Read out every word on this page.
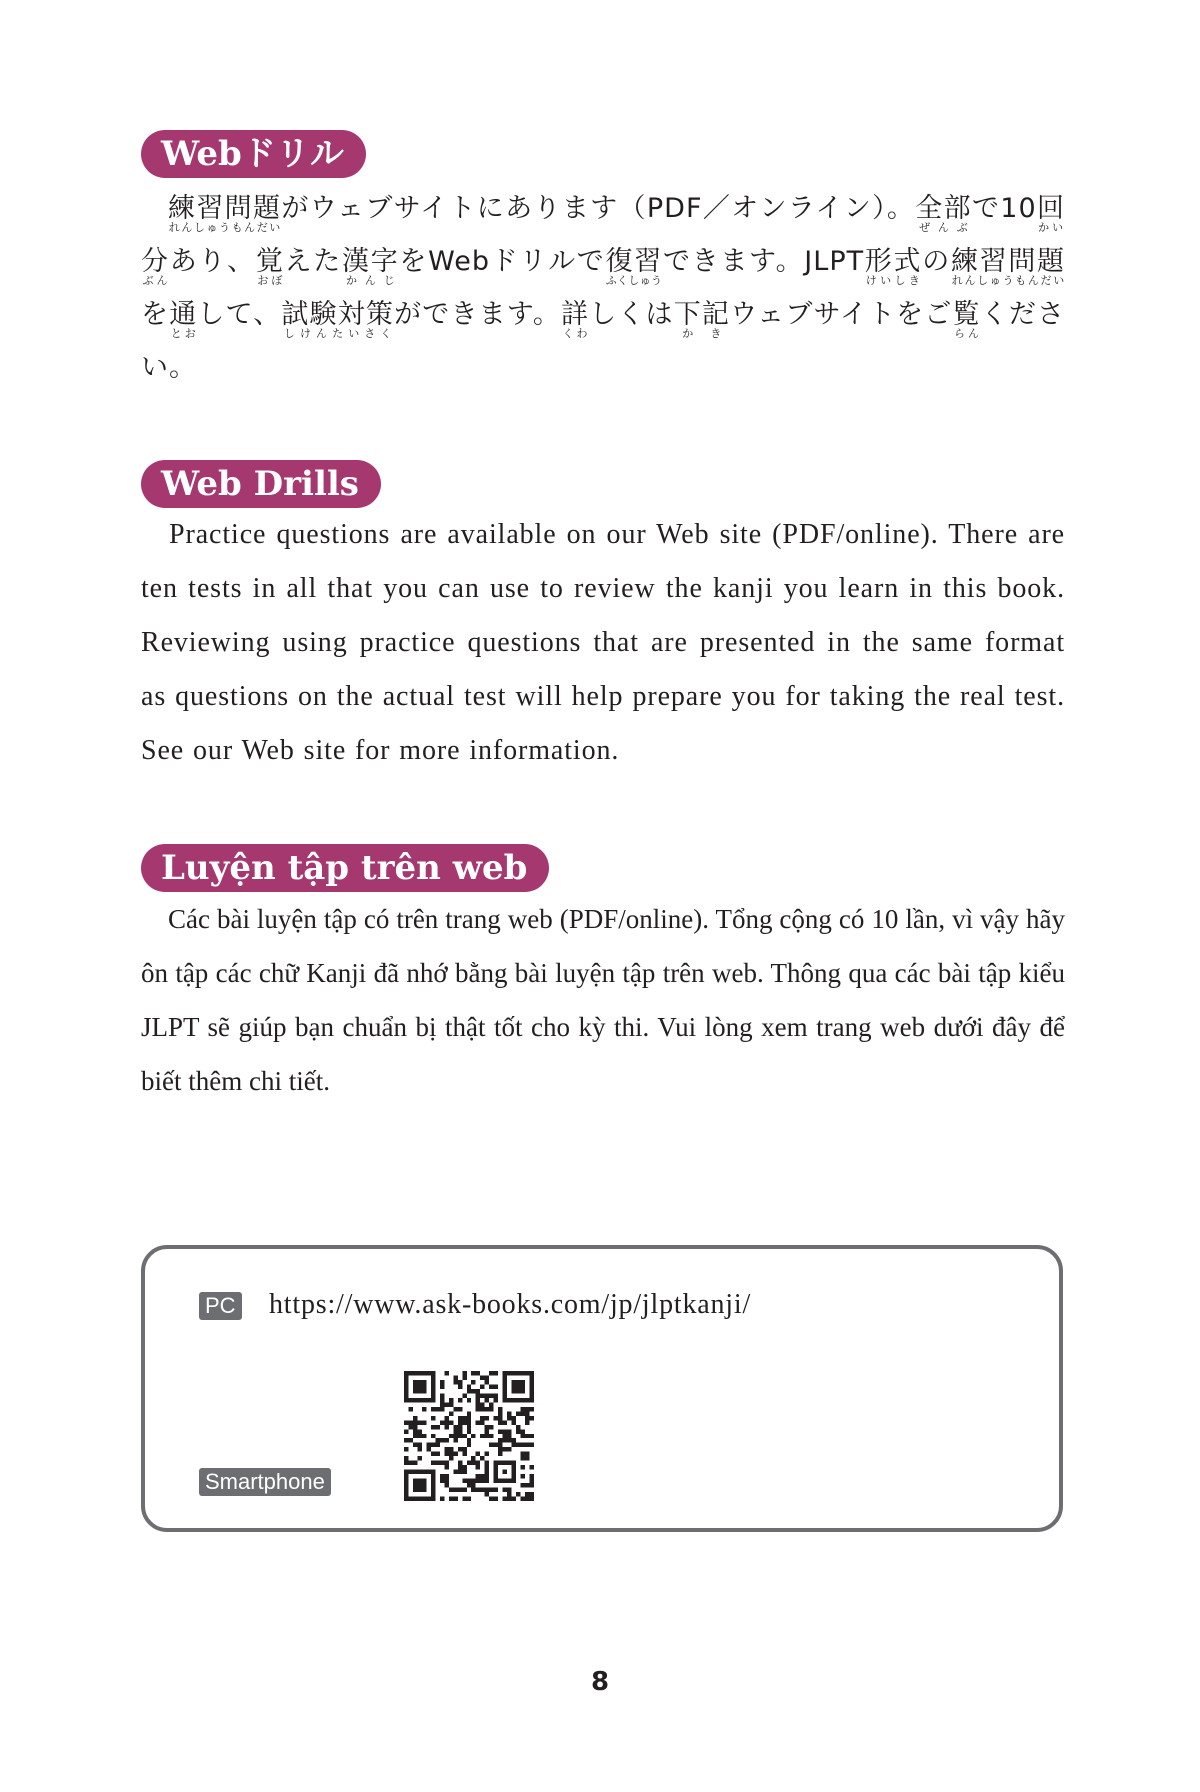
Webドリル

練習問題れんしゅうもんだいがウェブサイトにあります（PDF／オンライン）。全部ぜんぶで10回かい分ぶんあり、覚おぼえた漢字かんじをWebドリルで復習ふくしゅうできます。JLPT形式けいしきの練習問題れんしゅうもんだいを通とおして、試験対策しけんたいさくができます。詳くわしくは下記かきウェブサイトをご覧らんください。

Web Drills

Practice questions are available on our Web site (PDF/online). There are ten tests in all that you can use to review the kanji you learn in this book. Reviewing using practice questions that are presented in the same format as questions on the actual test will help prepare you for taking the real test. See our Web site for more information.

Luyện tập trên web

Các bài luyện tập có trên trang web (PDF/online). Tổng cộng có 10 lần, vì vậy hãy ôn tập các chữ Kanji đã nhớ bằng bài luyện tập trên web. Thông qua các bài tập kiểu JLPT sẽ giúp bạn chuẩn bị thật tốt cho kỳ thi. Vui lòng xem trang web dưới đây để biết thêm chi tiết.

PC https://www.ask-books.com/jp/jlptkanji/
Smartphone
8
